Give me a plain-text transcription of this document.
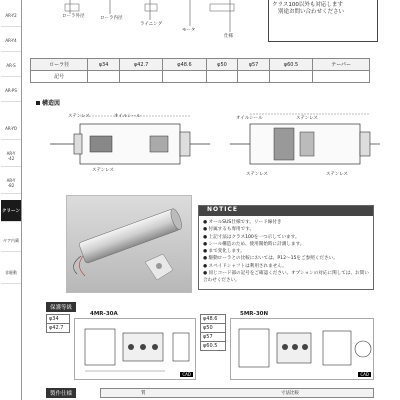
AR-Y2
AR-Y4
AR-S
AR-PS
AR-YO
AR-Y
-42
AR-Y
-82
クリーン
ギア内蔵
非駆動
ローラ外径	ローラ内径
ライニング
モータ
仕様
クラス100以外も対応します
別途お問い合わせください
ローラ径	φ34	φ42.7	φ48.6	φ50	φ57	φ60.5	テーパー
記号							
構造図
ステンレス	オイルシール
ステンレス
オイルシール	ステンレス
ステンレス	ステンレス
NOTICE
● オールSUS仕様です。リード線付き
● 付属するも専用です。
● 上記寸法はクラス100を一つ示しています。
● シール構造のため、使用開始時に計測します。
● まで変化します。
● 駆動ローラとの比較においては、P12～15をご参照ください。
● スペイドシャフトは利用されません。
● 同じコード部の記号をご確認ください。オプションの対応に関しては、お問い合わせください。
保護等級
4MR-30A	5MR-30N
φ34
φ42.7
φ48.6
φ50
φ57
φ60.5
CAD	CAD
製作仕様	質	寸法比較
